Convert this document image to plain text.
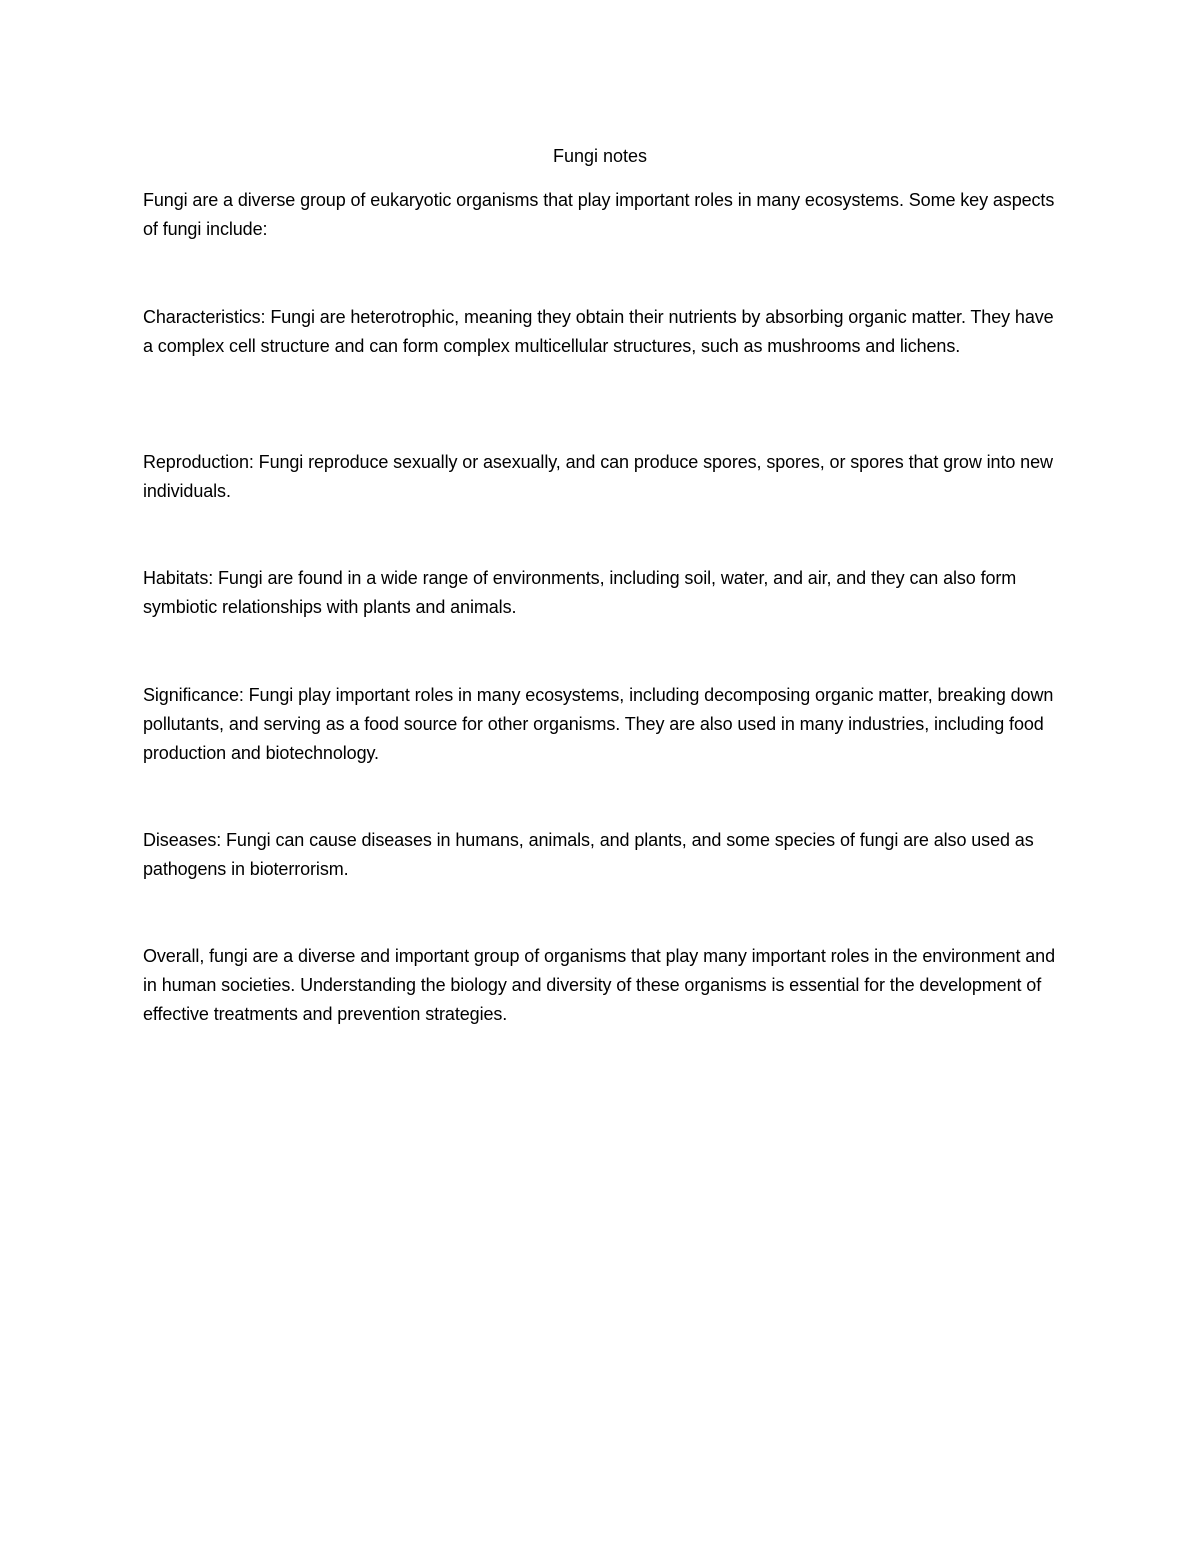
Fungi notes

Fungi are a diverse group of eukaryotic organisms that play important roles in many ecosystems. Some key aspects of fungi include:

Characteristics: Fungi are heterotrophic, meaning they obtain their nutrients by absorbing organic matter. They have a complex cell structure and can form complex multicellular structures, such as mushrooms and lichens.

Reproduction: Fungi reproduce sexually or asexually, and can produce spores, spores, or spores that grow into new individuals.

Habitats: Fungi are found in a wide range of environments, including soil, water, and air, and they can also form symbiotic relationships with plants and animals.

Significance: Fungi play important roles in many ecosystems, including decomposing organic matter, breaking down pollutants, and serving as a food source for other organisms. They are also used in many industries, including food production and biotechnology.

Diseases: Fungi can cause diseases in humans, animals, and plants, and some species of fungi are also used as pathogens in bioterrorism.

Overall, fungi are a diverse and important group of organisms that play many important roles in the environment and in human societies. Understanding the biology and diversity of these organisms is essential for the development of effective treatments and prevention strategies.
